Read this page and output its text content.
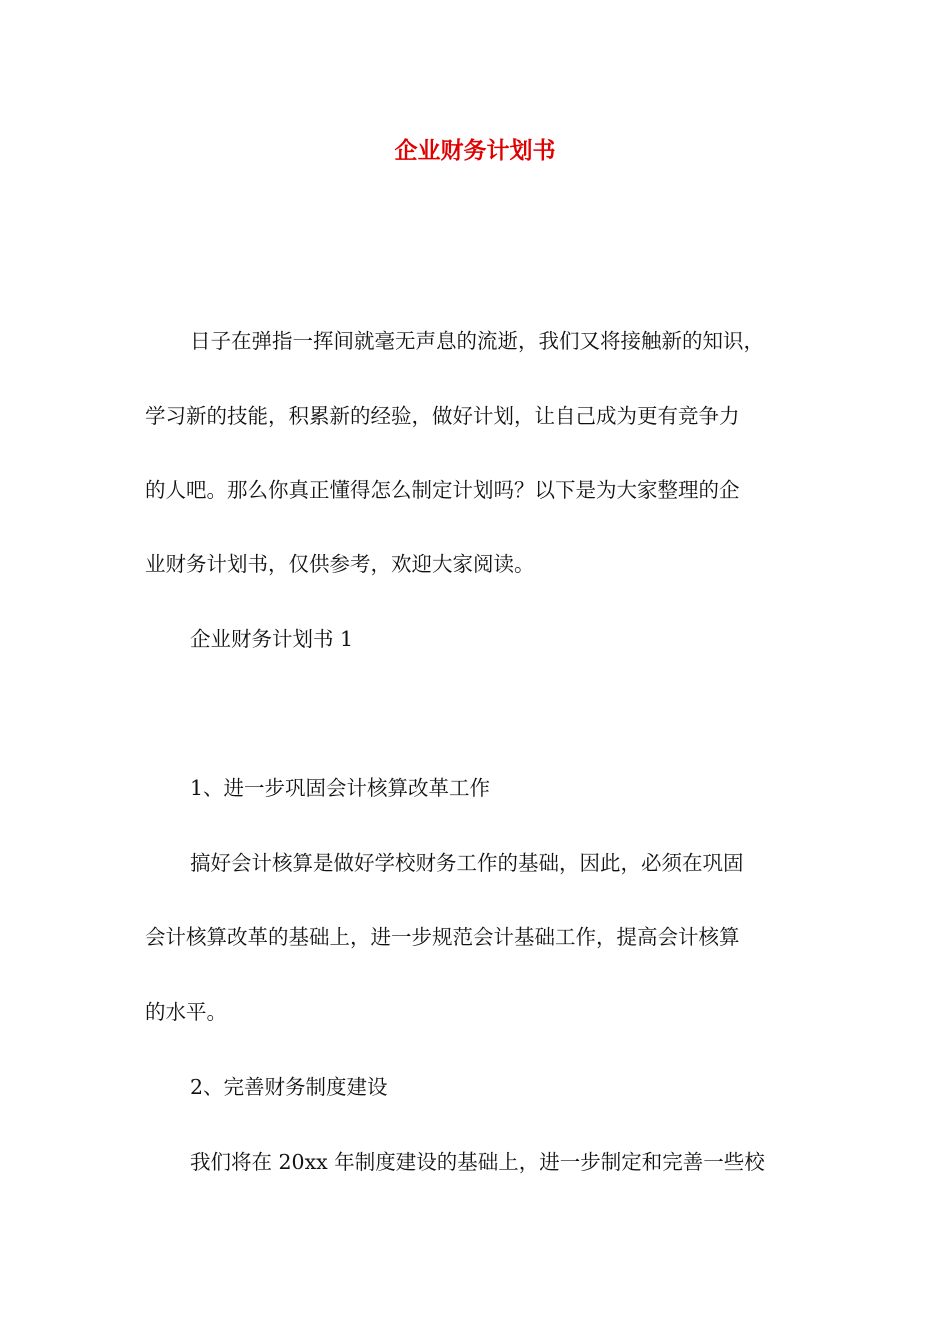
企业财务计划书

日子在弹指一挥间就毫无声息的流逝，我们又将接触新的知识，

学习新的技能，积累新的经验，做好计划，让自己成为更有竞争力

的人吧。那么你真正懂得怎么制定计划吗？以下是为大家整理的企

业财务计划书，仅供参考，欢迎大家阅读。

企业财务计划书 1

1、进一步巩固会计核算改革工作

搞好会计核算是做好学校财务工作的基础，因此，必须在巩固

会计核算改革的基础上，进一步规范会计基础工作，提高会计核算

的水平。

2、完善财务制度建设

我们将在 20xx 年制度建设的基础上，进一步制定和完善一些校
